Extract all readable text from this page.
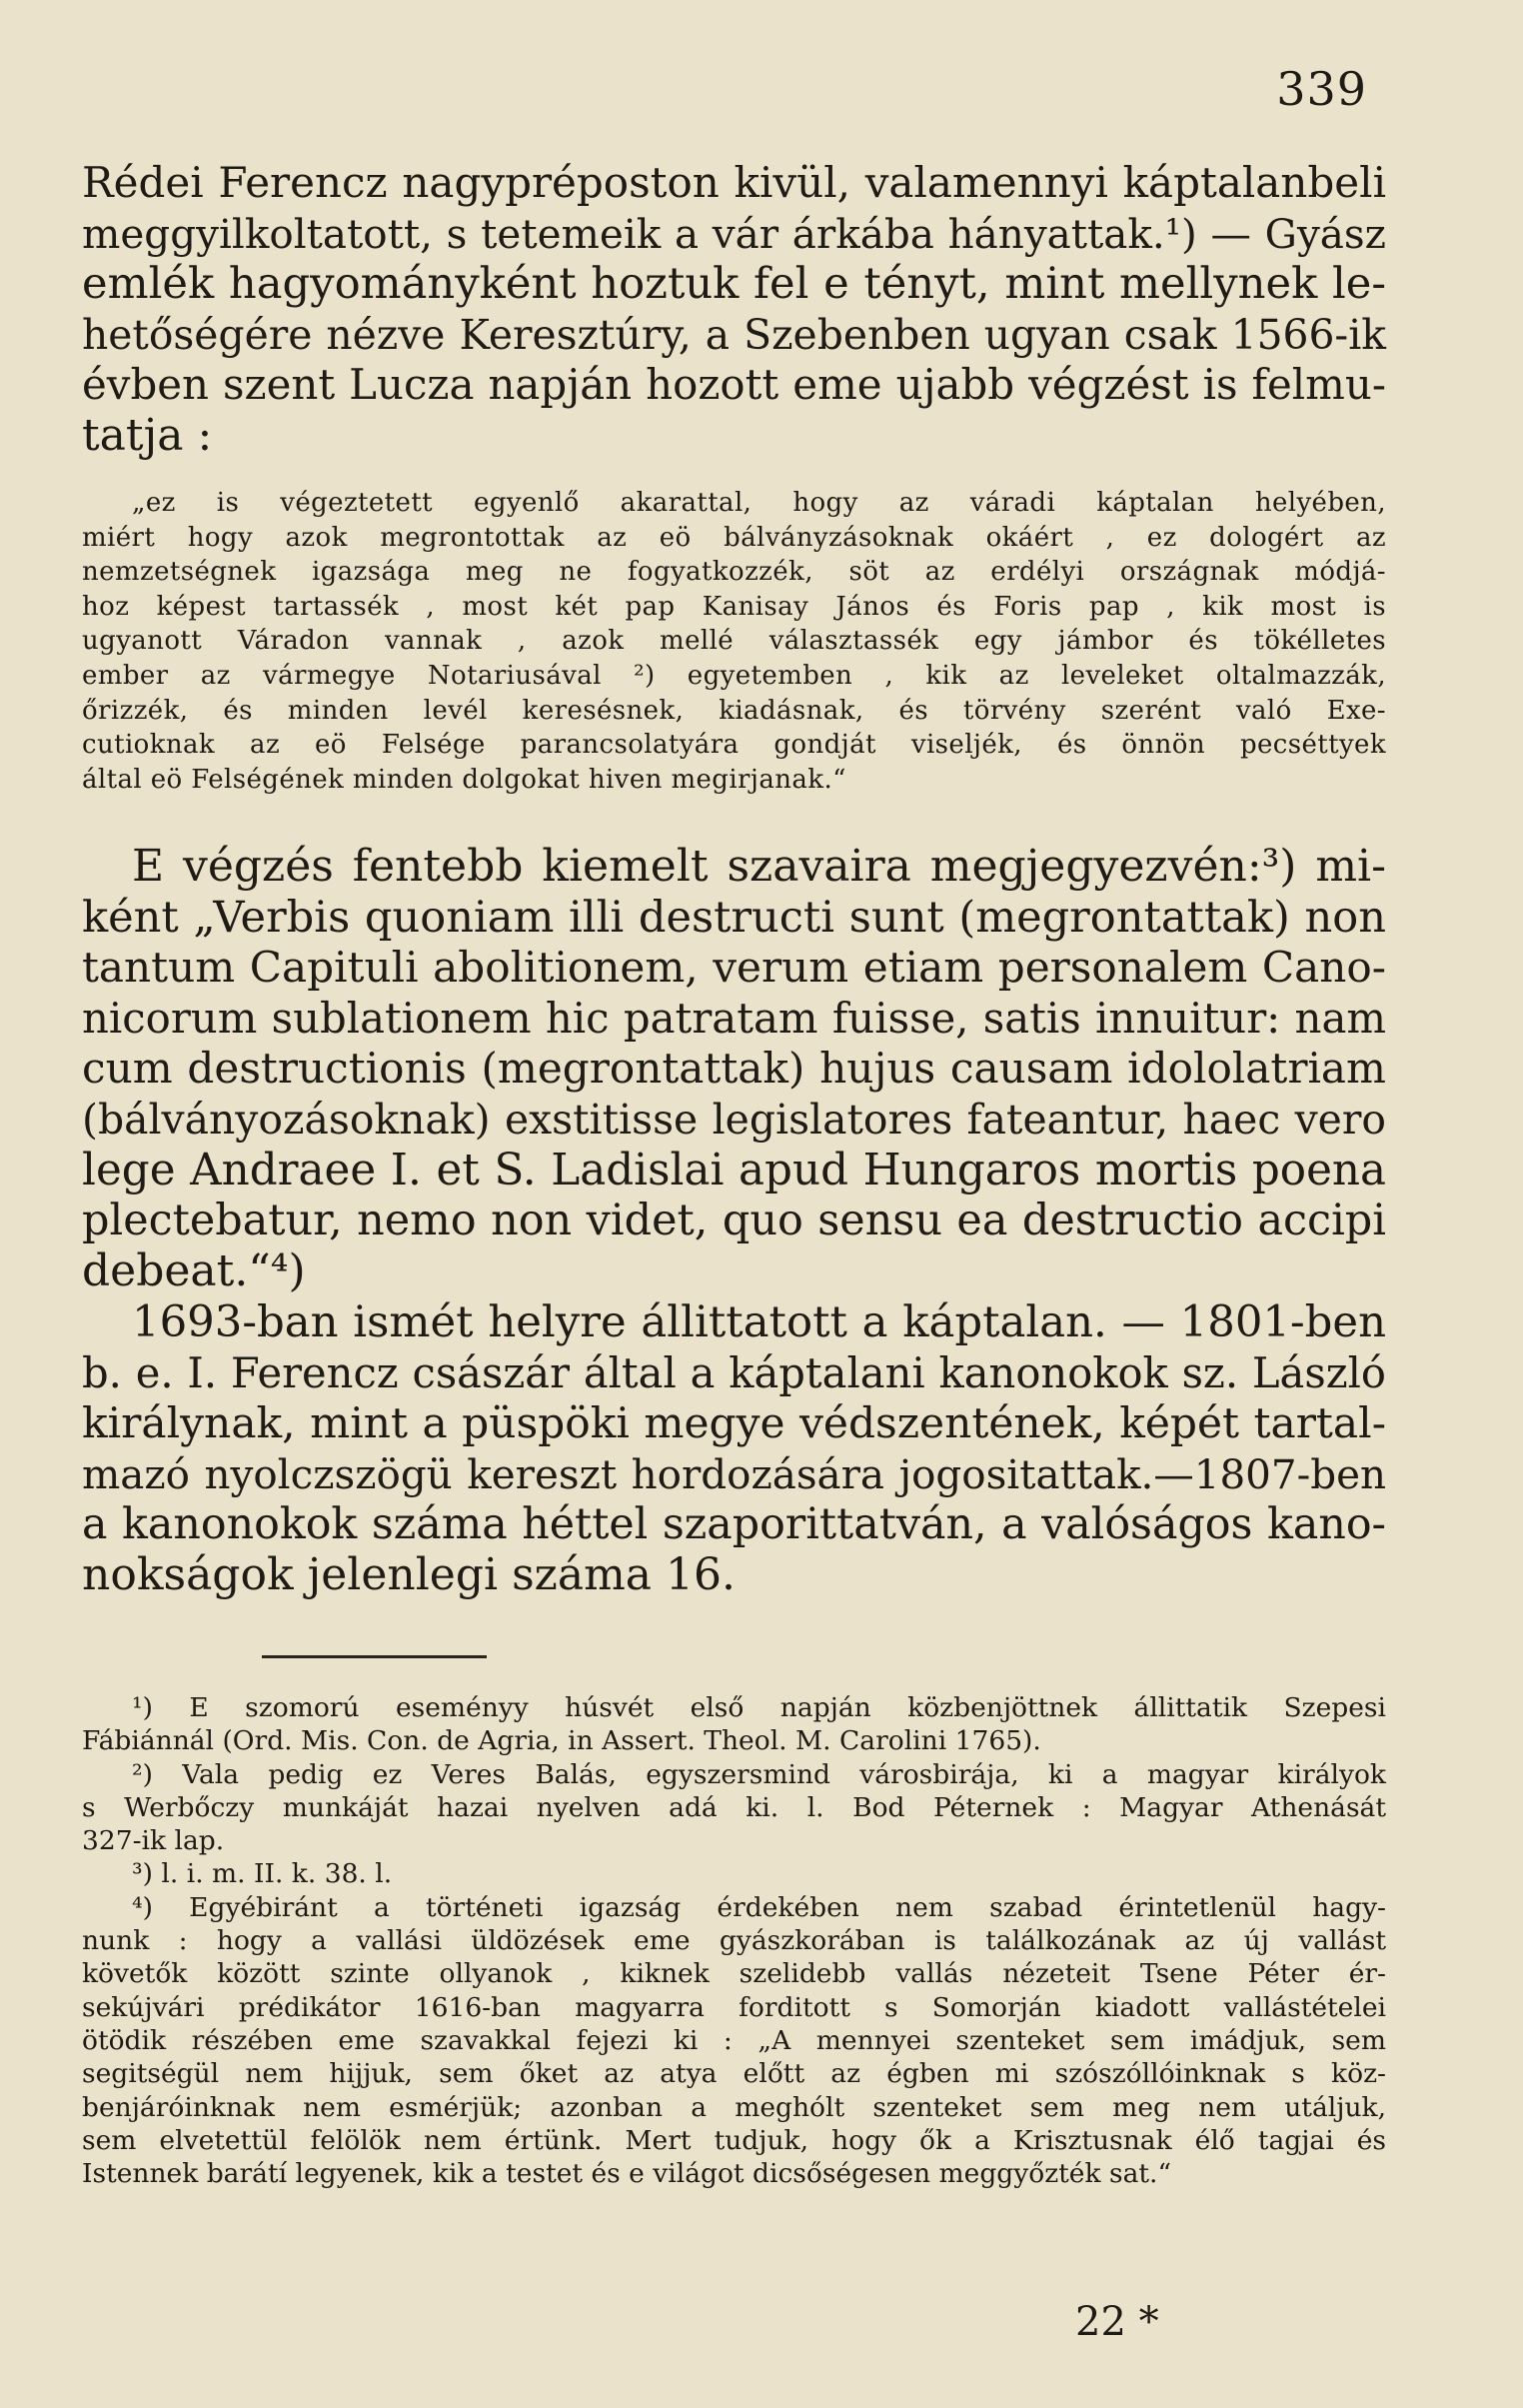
339
Rédei Ferencz nagypréposton kivül, valamennyi káptalanbeli
meggyilkoltatott, s tetemeik a vár árkába hányattak.¹) — Gyász
emlék hagyományként hoztuk fel e tényt, mint mellynek le-
hetőségére nézve Keresztúry, a Szebenben ugyan csak 1566-ik
évben szent Lucza napján hozott eme ujabb végzést is felmu-
tatja :
„ez is végeztetett egyenlő akarattal, hogy az váradi káptalan helyében,
miért hogy azok megrontottak az eö bálványzásoknak okáért , ez dologért az
nemzetségnek igazsága meg ne fogyatkozzék, söt az erdélyi országnak módjá-
hoz képest tartassék , most két pap Kanisay János és Foris pap , kik most is
ugyanott Váradon vannak , azok mellé választassék egy jámbor és tökélletes
ember az vármegye Notariusával ²) egyetemben , kik az leveleket oltalmazzák,
őrizzék, és minden levél keresésnek, kiadásnak, és törvény szerént való Exe-
cutioknak az eö Felsége parancsolatyára gondját viseljék, és önnön pecséttyek
által eö Felségének minden dolgokat hiven megirjanak.“
E végzés fentebb kiemelt szavaira megjegyezvén:³) mi-
ként „Verbis quoniam illi destructi sunt (megrontattak) non
tantum Capituli abolitionem, verum etiam personalem Cano-
nicorum sublationem hic patratam fuisse, satis innuitur: nam
cum destructionis (megrontattak) hujus causam idololatriam
(bálványozásoknak) exstitisse legislatores fateantur, haec vero
lege Andraee I. et S. Ladislai apud Hungaros mortis poena
plectebatur, nemo non videt, quo sensu ea destructio accipi
debeat.“⁴)
1693-ban ismét helyre állittatott a káptalan. — 1801-ben
b. e. I. Ferencz császár által a káptalani kanonokok sz. László
királynak, mint a püspöki megye védszentének, képét tartal-
mazó nyolczszögü kereszt hordozására jogositattak.—1807-ben
a kanonokok száma héttel szaporittatván, a valóságos kano-
nokságok jelenlegi száma 16.
¹) E szomorú eseményy húsvét első napján közbenjöttnek állittatik Szepesi
Fábiánnál (Ord. Mis. Con. de Agria, in Assert. Theol. M. Carolini 1765).
²) Vala pedig ez Veres Balás, egyszersmind városbirája, ki a magyar királyok
s Werbőczy munkáját hazai nyelven adá ki. l. Bod Péternek : Magyar Athenását
327-ik lap.
³) l. i. m. II. k. 38. l.
⁴) Egyébiránt a történeti igazság érdekében nem szabad érintetlenül hagy-
nunk : hogy a vallási üldözések eme gyászkorában is találkozának az új vallást
követők között szinte ollyanok , kiknek szelidebb vallás nézeteit Tsene Péter ér-
sekújvári prédikátor 1616-ban magyarra forditott s Somorján kiadott vallástételei
ötödik részében eme szavakkal fejezi ki : „A mennyei szenteket sem imádjuk, sem
segitségül nem hijjuk, sem őket az atya előtt az égben mi szószóllóinknak s köz-
benjáróinknak nem esmérjük; azonban a meghólt szenteket sem meg nem utáljuk,
sem elvetettül felölök nem értünk. Mert tudjuk, hogy ők a Krisztusnak élő tagjai és
Istennek barátí legyenek, kik a testet és e világot dicsőségesen meggyőzték sat.“
22 *
